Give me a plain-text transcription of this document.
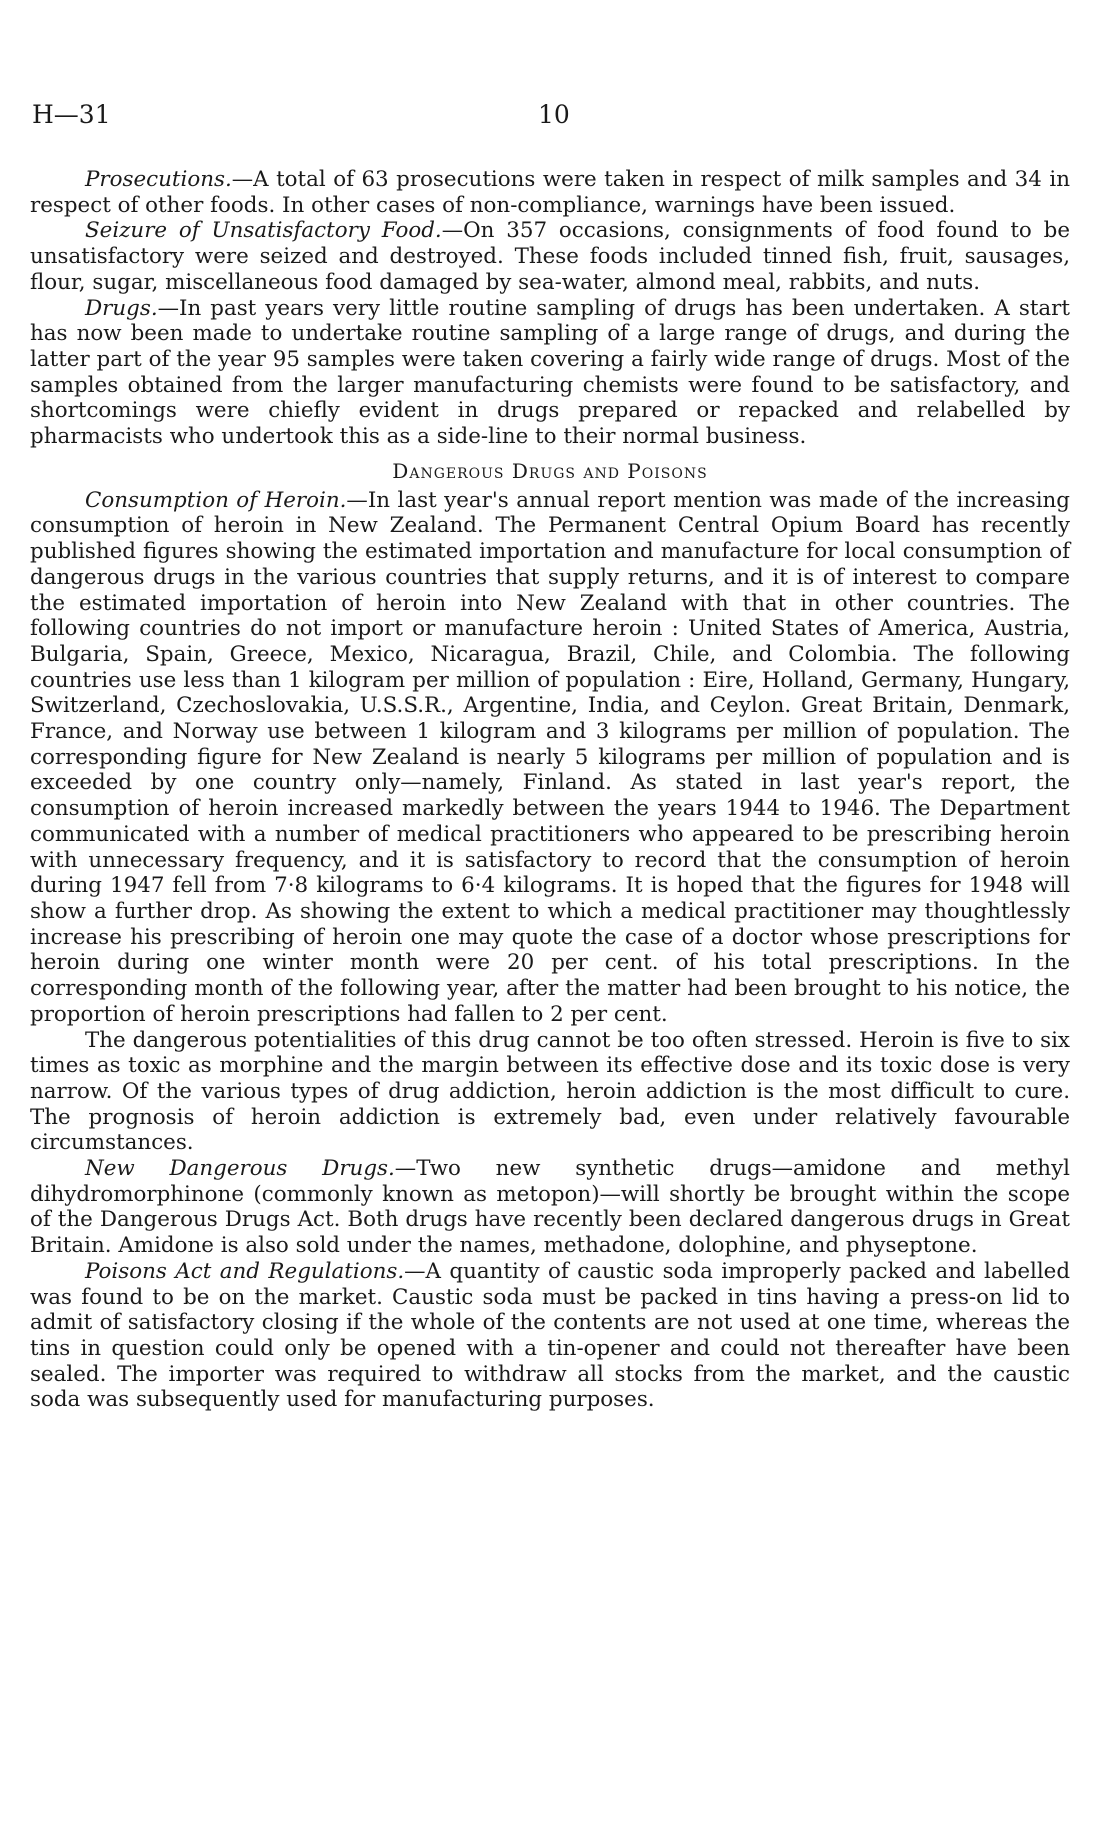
H—31	10

Prosecutions.—A total of 63 prosecutions were taken in respect of milk samples and 34 in respect of other foods. In other cases of non-compliance, warnings have been issued.

Seizure of Unsatisfactory Food.—On 357 occasions, consignments of food found to be unsatisfactory were seized and destroyed. These foods included tinned fish, fruit, sausages, flour, sugar, miscellaneous food damaged by sea-water, almond meal, rabbits, and nuts.

Drugs.—In past years very little routine sampling of drugs has been undertaken. A start has now been made to undertake routine sampling of a large range of drugs, and during the latter part of the year 95 samples were taken covering a fairly wide range of drugs. Most of the samples obtained from the larger manufacturing chemists were found to be satisfactory, and shortcomings were chiefly evident in drugs prepared or repacked and relabelled by pharmacists who undertook this as a side-line to their normal business.

Dangerous Drugs and Poisons

Consumption of Heroin.—In last year's annual report mention was made of the increasing consumption of heroin in New Zealand. The Permanent Central Opium Board has recently published figures showing the estimated importation and manufacture for local consumption of dangerous drugs in the various countries that supply returns, and it is of interest to compare the estimated importation of heroin into New Zealand with that in other countries. The following countries do not import or manufacture heroin : United States of America, Austria, Bulgaria, Spain, Greece, Mexico, Nicaragua, Brazil, Chile, and Colombia. The following countries use less than 1 kilogram per million of population : Eire, Holland, Germany, Hungary, Switzerland, Czechoslovakia, U.S.S.R., Argentine, India, and Ceylon. Great Britain, Denmark, France, and Norway use between 1 kilogram and 3 kilograms per million of population. The corresponding figure for New Zealand is nearly 5 kilograms per million of population and is exceeded by one country only—namely, Finland. As stated in last year's report, the consumption of heroin increased markedly between the years 1944 to 1946. The Department communicated with a number of medical practitioners who appeared to be prescribing heroin with unnecessary frequency, and it is satisfactory to record that the consumption of heroin during 1947 fell from 7·8 kilograms to 6·4 kilograms. It is hoped that the figures for 1948 will show a further drop. As showing the extent to which a medical practitioner may thoughtlessly increase his prescribing of heroin one may quote the case of a doctor whose prescriptions for heroin during one winter month were 20 per cent. of his total prescriptions. In the corresponding month of the following year, after the matter had been brought to his notice, the proportion of heroin prescriptions had fallen to 2 per cent.

The dangerous potentialities of this drug cannot be too often stressed. Heroin is five to six times as toxic as morphine and the margin between its effective dose and its toxic dose is very narrow. Of the various types of drug addiction, heroin addiction is the most difficult to cure. The prognosis of heroin addiction is extremely bad, even under relatively favourable circumstances.

New Dangerous Drugs.—Two new synthetic drugs—amidone and methyl dihydromorphinone (commonly known as metopon)—will shortly be brought within the scope of the Dangerous Drugs Act. Both drugs have recently been declared dangerous drugs in Great Britain. Amidone is also sold under the names, methadone, dolophine, and physeptone.

Poisons Act and Regulations.—A quantity of caustic soda improperly packed and labelled was found to be on the market. Caustic soda must be packed in tins having a press-on lid to admit of satisfactory closing if the whole of the contents are not used at one time, whereas the tins in question could only be opened with a tin-opener and could not thereafter have been sealed. The importer was required to withdraw all stocks from the market, and the caustic soda was subsequently used for manufacturing purposes.
